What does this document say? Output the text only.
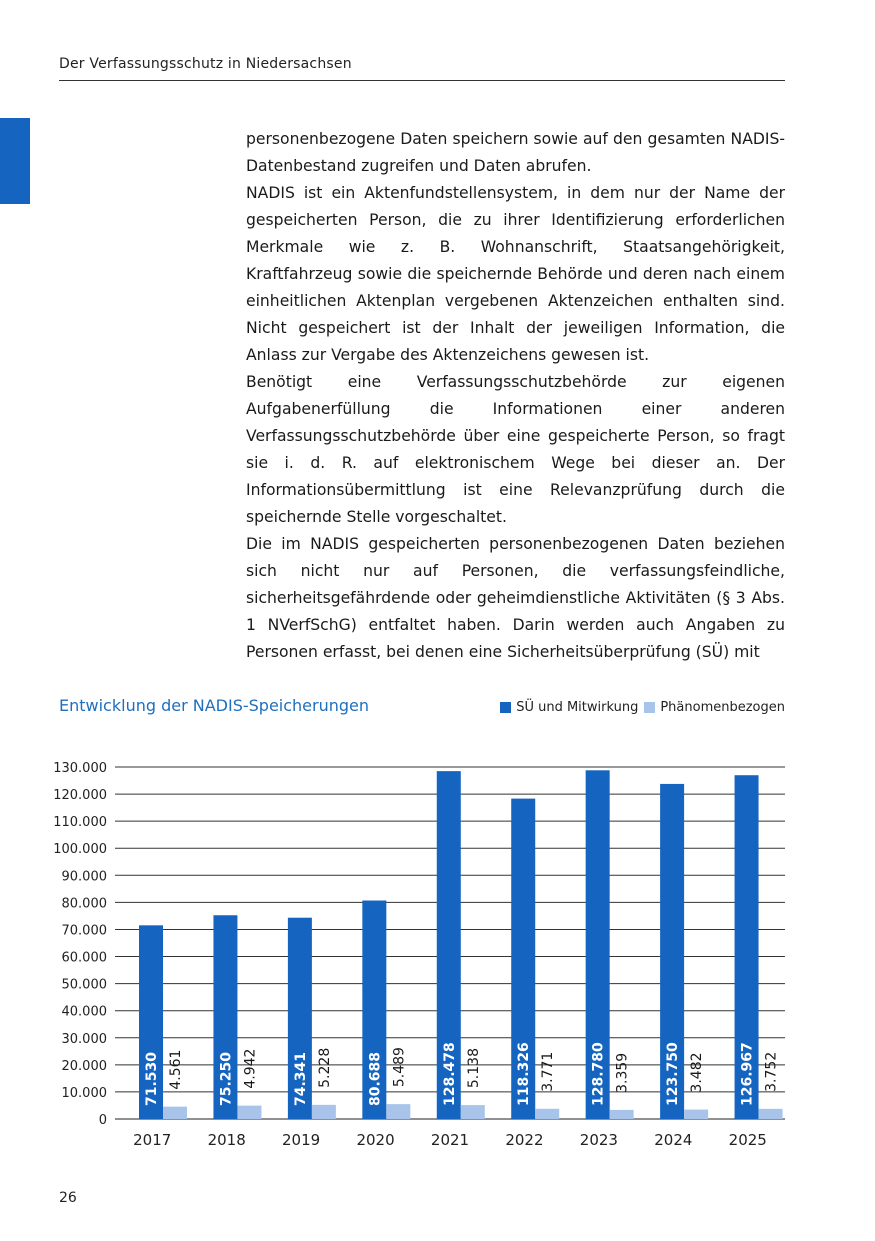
Der Verfassungsschutz in Niedersachsen

personenbezogene Daten speichern sowie auf den gesamten NADIS-Datenbestand zugreifen und Daten abrufen.

NADIS ist ein Aktenfundstellensystem, in dem nur der Name der gespeicherten Person, die zu ihrer Identifizierung erforderlichen Merkmale wie z. B. Wohnanschrift, Staatsangehörigkeit, Kraftfahrzeug sowie die speichernde Behörde und deren nach einem einheitlichen Aktenplan vergebenen Aktenzeichen enthalten sind. Nicht gespeichert ist der Inhalt der jeweiligen Information, die Anlass zur Vergabe des Aktenzeichens gewesen ist.

Benötigt eine Verfassungsschutzbehörde zur eigenen Aufgabenerfüllung die Informationen einer anderen Verfassungsschutzbehörde über eine gespeicherte Person, so fragt sie i. d. R. auf elektronischem Wege bei dieser an. Der Informationsübermittlung ist eine Relevanzprüfung durch die speichernde Stelle vorgeschaltet.

Die im NADIS gespeicherten personenbezogenen Daten beziehen sich nicht nur auf Personen, die verfassungsfeindliche, sicherheitsgefährdende oder geheimdienstliche Aktivitäten (§ 3 Abs. 1 NVerfSchG) entfaltet haben. Darin werden auch Angaben zu Personen erfasst, bei denen eine Sicherheitsüberprüfung (SÜ) mit

Entwicklung der NADIS-Speicherungen	SÜ und Mitwirkung Phänomenbezogen
0
10.000
20.000
30.000
40.000
50.000
60.000
70.000
80.000
90.000
100.000
110.000
120.000
130.000
71.530 4.561
2017
75.250 4.942
2018
74.341 5.228
2019
80.688 5.489
2020
128.478 5.138
2021
118.326 3.771
2022
128.780 3.359
2023
123.750 3.482
2024
126.967 3.752
2025
26
